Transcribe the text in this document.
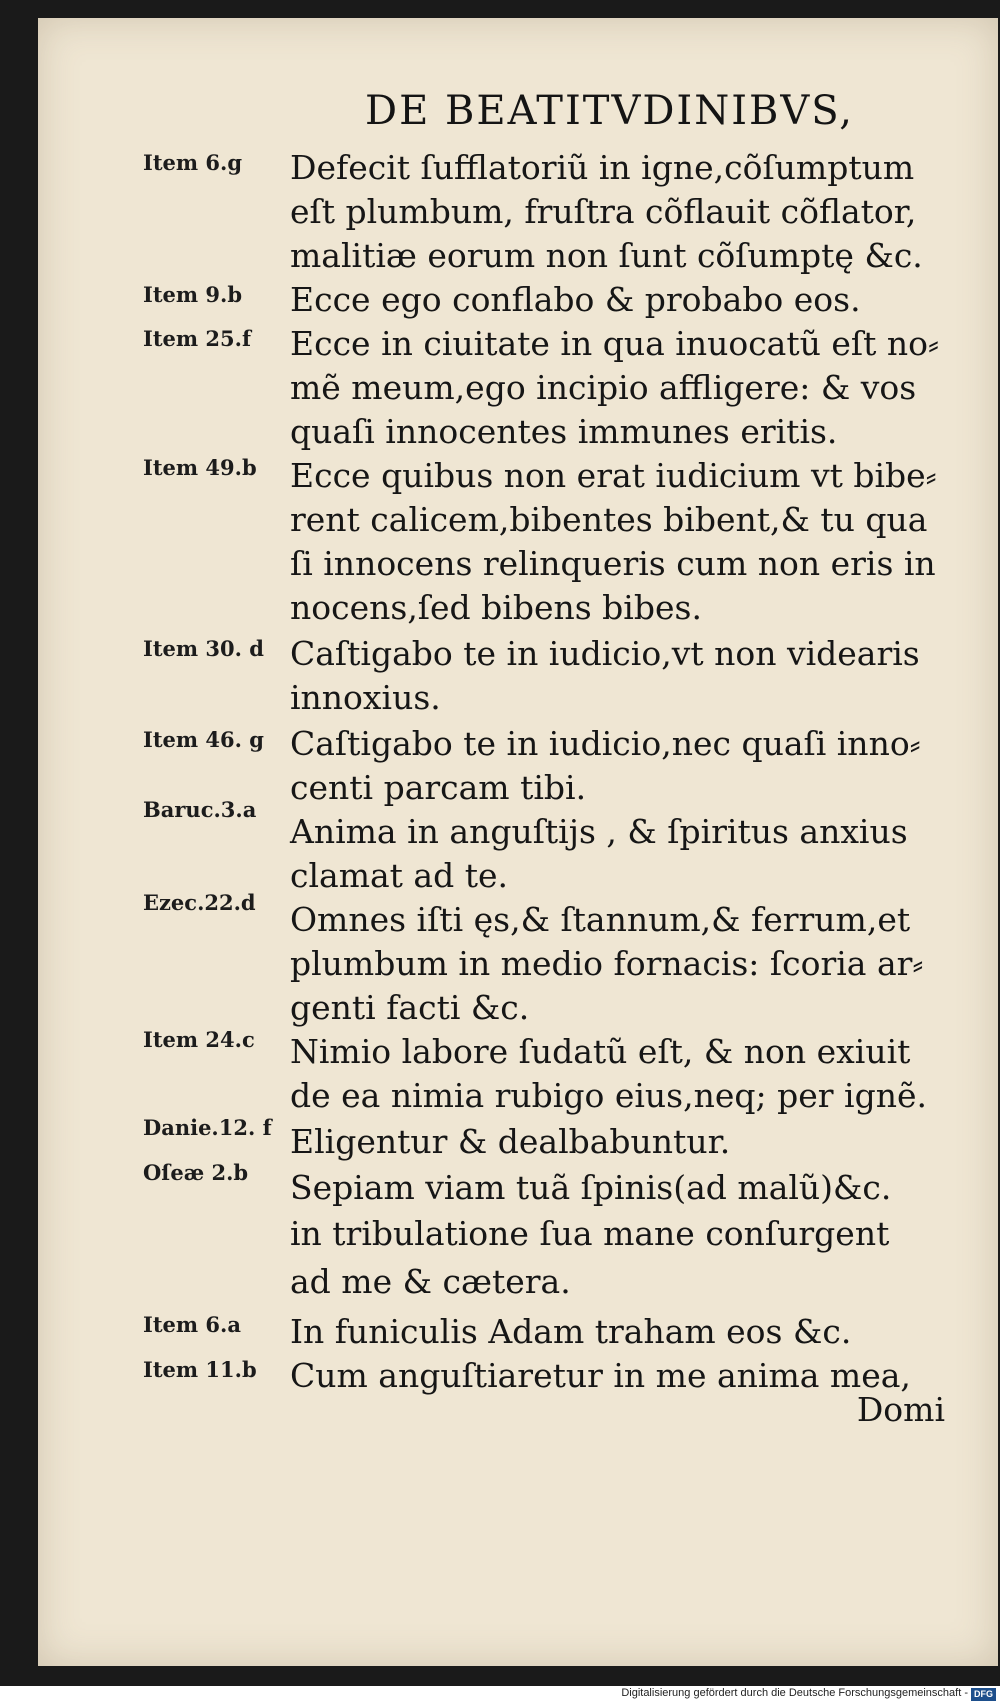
DE BEATITVDINIBVS,
Item 6.g
Item 9.b
Item 25.f
Item 49.b
Item 30. d
Item 46. g
Baruc.3.a
Ezec.22.d
Item 24.c
Danie.12. f
Oſeæ 2.b
Item 6.a
Item 11.b
Defecit ſufflatoriũ in igne,cõſumptum
eſt plumbum, fruſtra cõflauit cõflator,
malitiæ eorum non ſunt cõſumptę &c.
Ecce ego conflabo & probabo eos.
Ecce in ciuitate in qua inuocatũ eſt no⸗
mẽ meum,ego incipio affligere: & vos
quaſi innocentes immunes eritis.
Ecce quibus non erat iudicium vt bibe⸗
rent calicem,bibentes bibent,& tu qua
ſi innocens relinqueris cum non eris in
nocens,ſed bibens bibes.
Caſtigabo te in iudicio,vt non videaris
innoxius.
Caſtigabo te in iudicio,nec quaſi inno⸗
centi parcam tibi.
Anima in anguſtijs , & ſpiritus anxius
clamat ad te.
Omnes iſti ęs,& ſtannum,& ferrum,et
plumbum in medio fornacis: ſcoria ar⸗
genti facti &c.
Nimio labore ſudatũ eſt, & non exiuit
de ea nimia rubigo eius,neq; per ignẽ.
Eligentur & dealbabuntur.
Sepiam viam tuã ſpinis(ad malũ)&c.
in tribulatione ſua mane conſurgent
ad me & cætera.
In funiculis Adam traham eos &c.
Cum anguſtiaretur in me anima mea,
Domi
Digitalisierung gefördert durch die Deutsche Forschungsgemeinschaft - DFG
